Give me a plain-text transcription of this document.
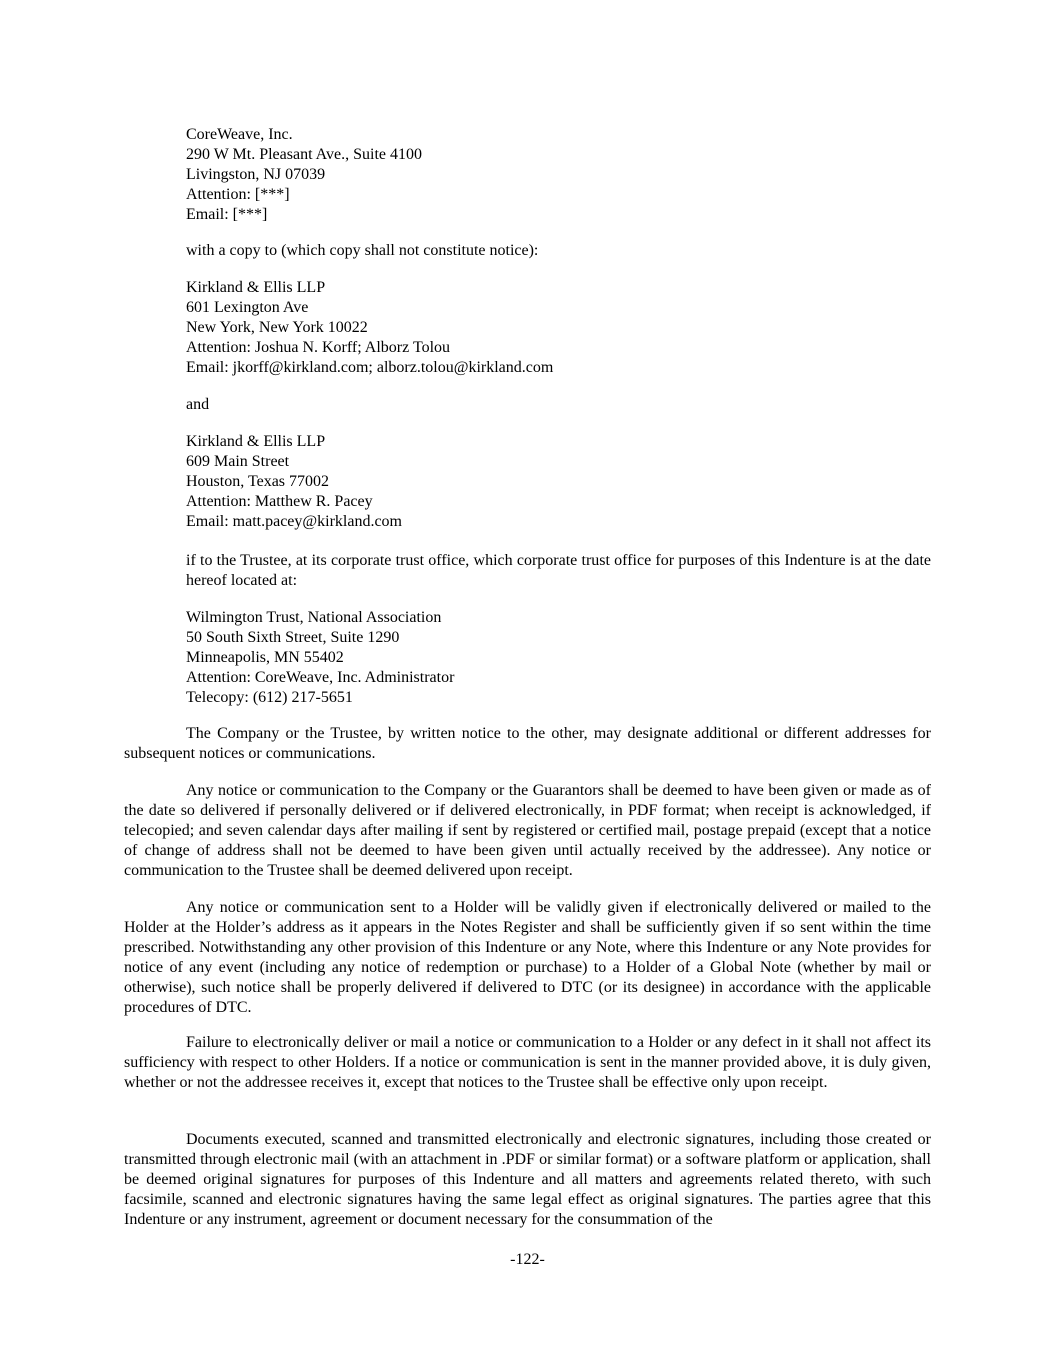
CoreWeave, Inc.
290 W Mt. Pleasant Ave., Suite 4100
Livingston, NJ 07039
Attention: [***]
Email: [***]
with a copy to (which copy shall not constitute notice):
Kirkland & Ellis LLP
601 Lexington Ave
New York, New York 10022
Attention: Joshua N. Korff; Alborz Tolou
Email: jkorff@kirkland.com; alborz.tolou@kirkland.com
and
Kirkland & Ellis LLP
609 Main Street
Houston, Texas 77002
Attention: Matthew R. Pacey
Email: matt.pacey@kirkland.com

if to the Trustee, at its corporate trust office, which corporate trust office for purposes of this Indenture is at the date hereof located at:

Wilmington Trust, National Association
50 South Sixth Street, Suite 1290
Minneapolis, MN 55402
Attention: CoreWeave, Inc. Administrator
Telecopy: (612) 217-5651

The Company or the Trustee, by written notice to the other, may designate additional or different addresses for subsequent notices or communications.

Any notice or communication to the Company or the Guarantors shall be deemed to have been given or made as of the date so delivered if personally delivered or if delivered electronically, in PDF format; when receipt is acknowledged, if telecopied; and seven calendar days after mailing if sent by registered or certified mail, postage prepaid (except that a notice of change of address shall not be deemed to have been given until actually received by the addressee). Any notice or communication to the Trustee shall be deemed delivered upon receipt.

Any notice or communication sent to a Holder will be validly given if electronically delivered or mailed to the Holder at the Holder’s address as it appears in the Notes Register and shall be sufficiently given if so sent within the time prescribed. Notwithstanding any other provision of this Indenture or any Note, where this Indenture or any Note provides for notice of any event (including any notice of redemption or purchase) to a Holder of a Global Note (whether by mail or otherwise), such notice shall be properly delivered if delivered to DTC (or its designee) in accordance with the applicable procedures of DTC.

Failure to electronically deliver or mail a notice or communication to a Holder or any defect in it shall not affect its sufficiency with respect to other Holders. If a notice or communication is sent in the manner provided above, it is duly given, whether or not the addressee receives it, except that notices to the Trustee shall be effective only upon receipt.

Documents executed, scanned and transmitted electronically and electronic signatures, including those created or transmitted through electronic mail (with an attachment in .PDF or similar format) or a software platform or application, shall be deemed original signatures for purposes of this Indenture and all matters and agreements related thereto, with such facsimile, scanned and electronic signatures having the same legal effect as original signatures. The parties agree that this Indenture or any instrument, agreement or document necessary for the consummation of the

-122-
